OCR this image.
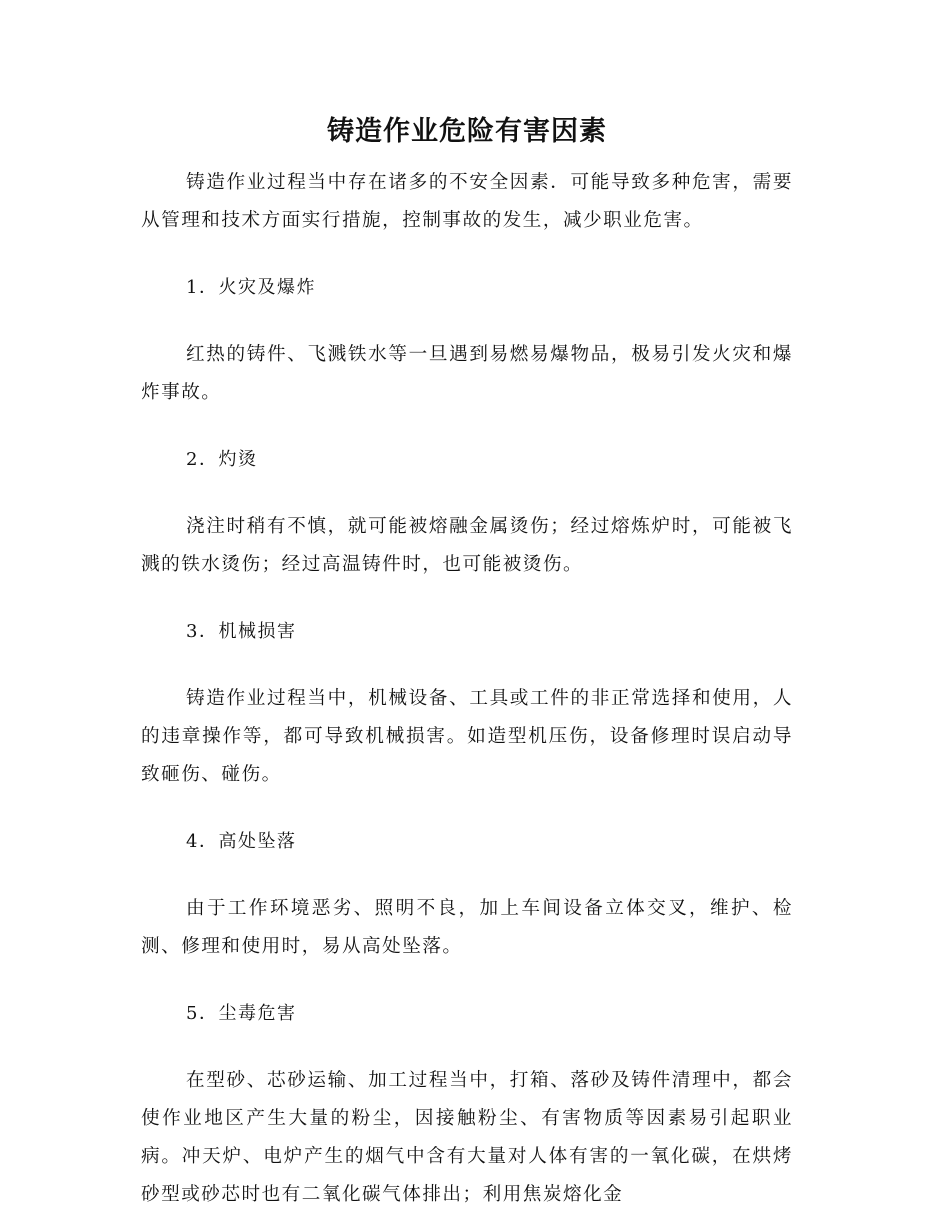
铸造作业危险有害因素

铸造作业过程当中存在诸多的不安全因素．可能导致多种危害，需要从管理和技术方面实行措旎，控制事故的发生，减少职业危害。

1．火灾及爆炸

红热的铸件、飞溅铁水等一旦遇到易燃易爆物品，极易引发火灾和爆炸事故。

2．灼烫

浇注时稍有不慎，就可能被熔融金属烫伤；经过熔炼炉时，可能被飞溅的铁水烫伤；经过高温铸件时，也可能被烫伤。

3．机械损害

铸造作业过程当中，机械设备、工具或工件的非正常选择和使用，人的违章操作等，都可导致机械损害。如造型机压伤，设备修理时误启动导致砸伤、碰伤。

4．高处坠落

由于工作环境恶劣、照明不良，加上车间设备立体交叉，维护、检测、修理和使用时，易从高处坠落。

5．尘毒危害

在型砂、芯砂运输、加工过程当中，打箱、落砂及铸件清理中，都会使作业地区产生大量的粉尘，因接触粉尘、有害物质等因素易引起职业病。冲天炉、电炉产生的烟气中含有大量对人体有害的一氧化碳，在烘烤砂型或砂芯时也有二氧化碳气体排出；利用焦炭熔化金
